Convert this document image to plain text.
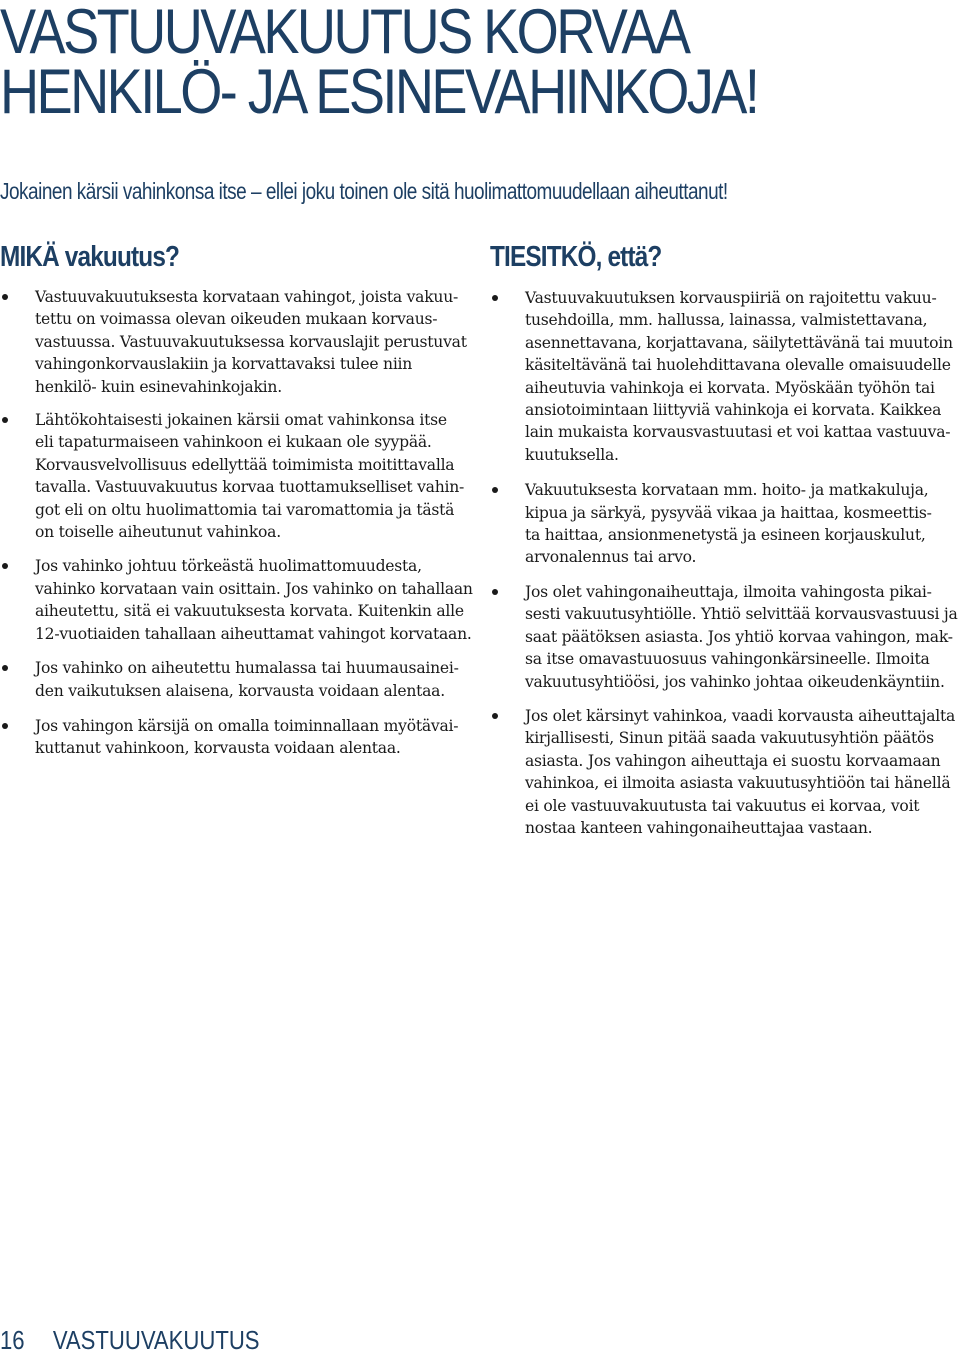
VASTUUVAKUUTUS KORVAA
HENKILÖ- JA ESINEVAHINKOJA!

Jokainen kärsii vahinkonsa itse – ellei joku toinen ole sitä huolimattomuudellaan aiheuttanut!

MIKÄ vakuutus?
Vastuuvakuutuksesta korvataan vahingot, joista vakuu-
tettu on voimassa olevan oikeuden mukaan korvaus-
vastuussa. Vastuuvakuutuksessa korvauslajit perustuvat
vahingonkorvauslakiin ja korvattavaksi tulee niin
henkilö- kuin esinevahinkojakin.
Lähtökohtaisesti jokainen kärsii omat vahinkonsa itse
eli tapaturmaiseen vahinkoon ei kukaan ole syypää.
Korvausvelvollisuus edellyttää toimimista moitittavalla
tavalla. Vastuuvakuutus korvaa tuottamukselliset vahin-
got eli on oltu huolimattomia tai varomattomia ja tästä
on toiselle aiheutunut vahinkoa.
Jos vahinko johtuu törkeästä huolimattomuudesta,
vahinko korvataan vain osittain. Jos vahinko on tahallaan
aiheutettu, sitä ei vakuutuksesta korvata. Kuitenkin alle
12-vuotiaiden tahallaan aiheuttamat vahingot korvataan.
Jos vahinko on aiheutettu humalassa tai huumausainei-
den vaikutuksen alaisena, korvausta voidaan alentaa.
Jos vahingon kärsijä on omalla toiminnallaan myötävai-
kuttanut vahinkoon, korvausta voidaan alentaa.
TIESITKÖ, että?
Vastuuvakuutuksen korvauspiiriä on rajoitettu vakuu-
tusehdoilla, mm. hallussa, lainassa, valmistettavana,
asennettavana, korjattavana, säilytettävänä tai muutoin
käsiteltävänä tai huolehdittavana olevalle omaisuudelle
aiheutuvia vahinkoja ei korvata. Myöskään työhön tai
ansiotoimintaan liittyviä vahinkoja ei korvata. Kaikkea
lain mukaista korvausvastuutasi et voi kattaa vastuuva-
kuutuksella.
Vakuutuksesta korvataan mm. hoito- ja matkakuluja,
kipua ja särkyä, pysyvää vikaa ja haittaa, kosmeettis-
ta haittaa, ansionmenetystä ja esineen korjauskulut,
arvonalennus tai arvo.
Jos olet vahingonaiheuttaja, ilmoita vahingosta pikai-
sesti vakuutusyhtiölle. Yhtiö selvittää korvausvastuusi ja
saat päätöksen asiasta. Jos yhtiö korvaa vahingon, mak-
sa itse omavastuuosuus vahingonkärsineelle. Ilmoita
vakuutusyhtiöösi, jos vahinko johtaa oikeudenkäyntiin.
Jos olet kärsinyt vahinkoa, vaadi korvausta aiheuttajalta
kirjallisesti, Sinun pitää saada vakuutusyhtiön päätös
asiasta. Jos vahingon aiheuttaja ei suostu korvaamaan
vahinkoa, ei ilmoita asiasta vakuutusyhtiöön tai hänellä
ei ole vastuuvakuutusta tai vakuutus ei korvaa, voit
nostaa kanteen vahingonaiheuttajaa vastaan.
16 VASTUUVAKUUTUS
